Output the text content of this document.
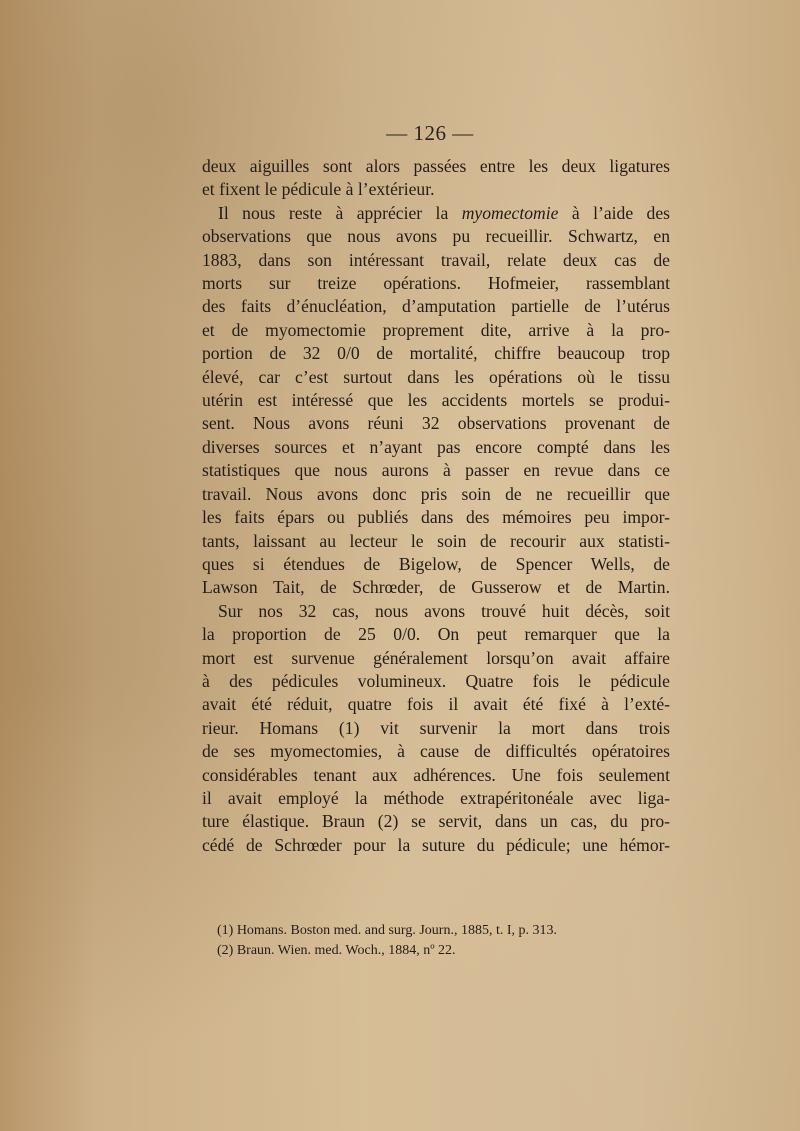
— 126 —
deux aiguilles sont alors passées entre les deux ligatures
et fixent le pédicule à l’extérieur.
Il nous reste à apprécier la myomectomie à l’aide des
observations que nous avons pu recueillir. Schwartz, en
1883, dans son intéressant travail, relate deux cas de
morts sur treize opérations. Hofmeier, rassemblant
des faits d’énucléation, d’amputation partielle de l’utérus
et de myomectomie proprement dite, arrive à la pro-
portion de 32 0/0 de mortalité, chiffre beaucoup trop
élevé, car c’est surtout dans les opérations où le tissu
utérin est intéressé que les accidents mortels se produi-
sent. Nous avons réuni 32 observations provenant de
diverses sources et n’ayant pas encore compté dans les
statistiques que nous aurons à passer en revue dans ce
travail. Nous avons donc pris soin de ne recueillir que
les faits épars ou publiés dans des mémoires peu impor-
tants, laissant au lecteur le soin de recourir aux statisti-
ques si étendues de Bigelow, de Spencer Wells, de
Lawson Tait, de Schrœder, de Gusserow et de Martin.
Sur nos 32 cas, nous avons trouvé huit décès, soit
la proportion de 25 0/0. On peut remarquer que la
mort est survenue généralement lorsqu’on avait affaire
à des pédicules volumineux. Quatre fois le pédicule
avait été réduit, quatre fois il avait été fixé à l’exté-
rieur. Homans (1) vit survenir la mort dans trois
de ses myomectomies, à cause de difficultés opératoires
considérables tenant aux adhérences. Une fois seulement
il avait employé la méthode extrapéritonéale avec liga-
ture élastique. Braun (2) se servit, dans un cas, du pro-
cédé de Schrœder pour la suture du pédicule; une hémor-
(1) Homans. Boston med. and surg. Journ., 1885, t. I, p. 313.
(2) Braun. Wien. med. Woch., 1884, nº 22.
